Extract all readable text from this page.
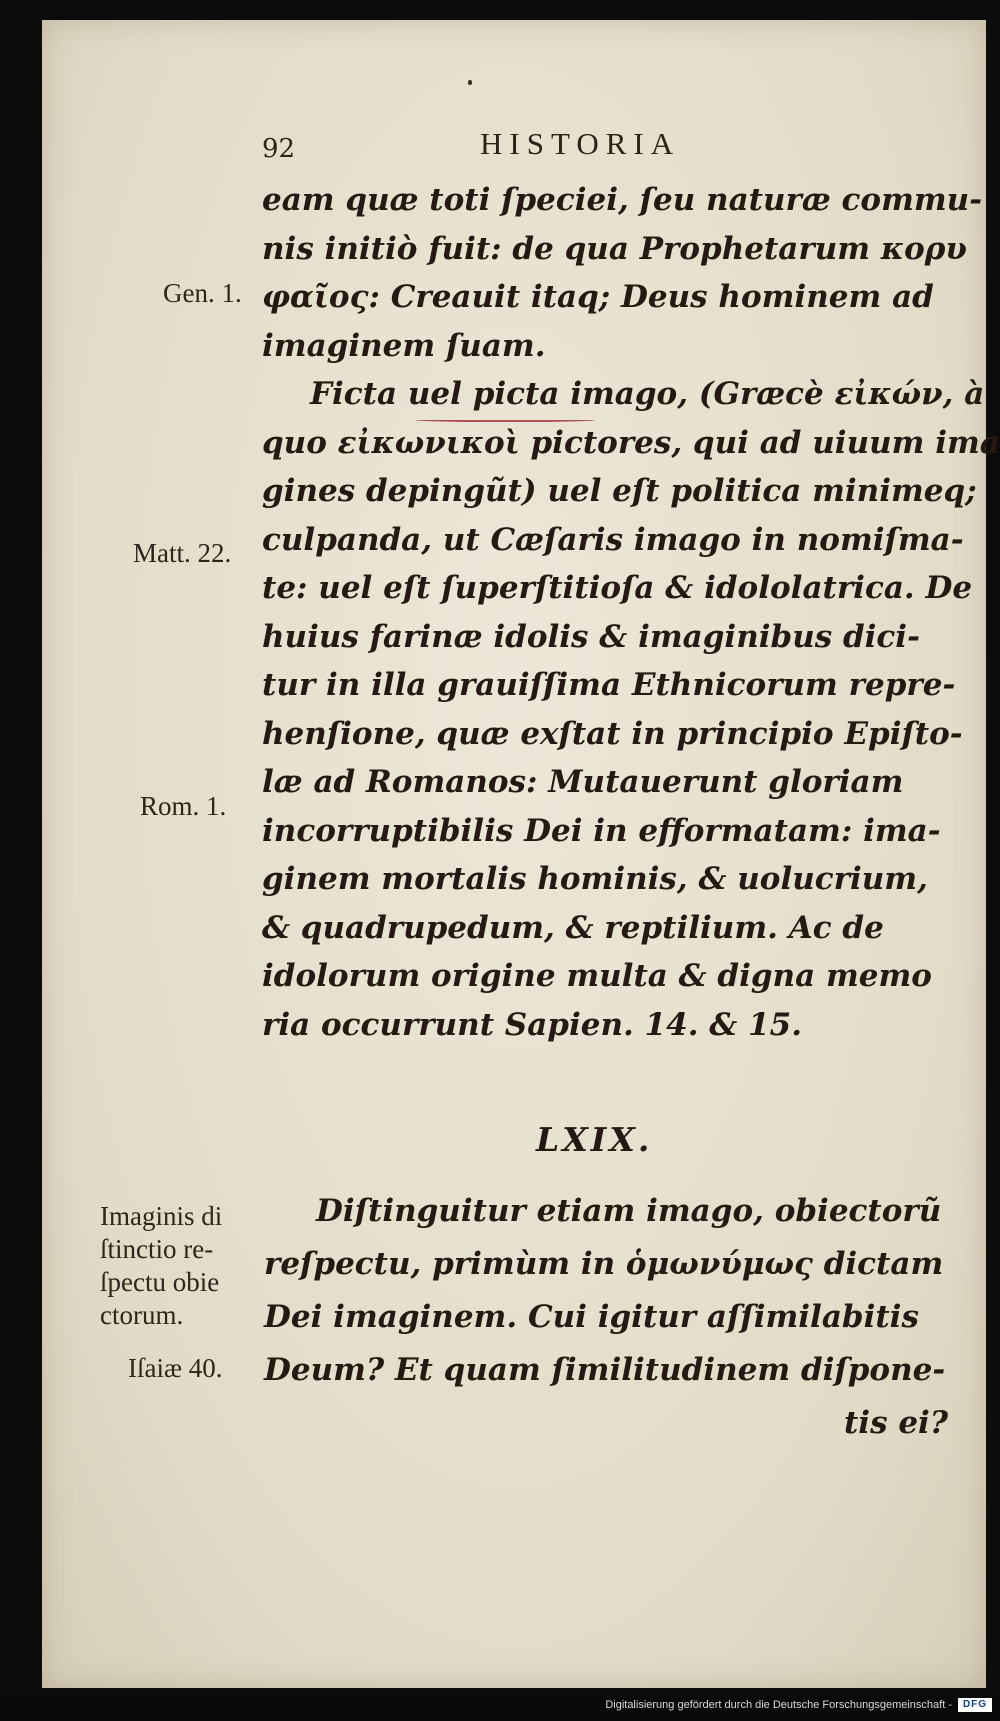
92	HISTORIA
eam quæ toti ſpeciei, ſeu naturæ commu-
nis initiò fuit: de qua Prophetarum κορυ
φαῖος: Creauit itaq; Deus hominem ad
imaginem ſuam.
Ficta uel picta imago, (Græcè εἰκών, à
quo εἰκωνικοὶ pictores, qui ad uiuum ima
gines depingũt) uel eſt politica minimeq;
culpanda, ut Cæſaris imago in nomiſma-
te: uel eſt ſuperſtitioſa & idololatrica. De
huius farinæ idolis & imaginibus dici-
tur in illa grauiſſima Ethnicorum repre-
henſione, quæ exſtat in principio Epiſto-
læ ad Romanos: Mutauerunt gloriam
incorruptibilis Dei in efformatam: ima-
ginem mortalis hominis, & uolucrium,
& quadrupedum, & reptilium. Ac de
idolorum origine multa & digna memo
ria occurrunt Sapien. 14. & 15.
Gen. 1.
Matt. 22.
Rom. 1.
LXIX.
Imaginis di
ſtinctio re-
ſpectu obie
ctorum.
Iſaiæ 40.
Diſtinguitur etiam imago, obiectorũ
reſpectu, primùm in ὁμωνύμως dictam
Dei imaginem. Cui igitur aſſimilabitis
Deum? Et quam ſimilitudinem diſpone-
tis ei?
Digitalisierung gefördert durch die Deutsche Forschungsgemeinschaft -	DFG
